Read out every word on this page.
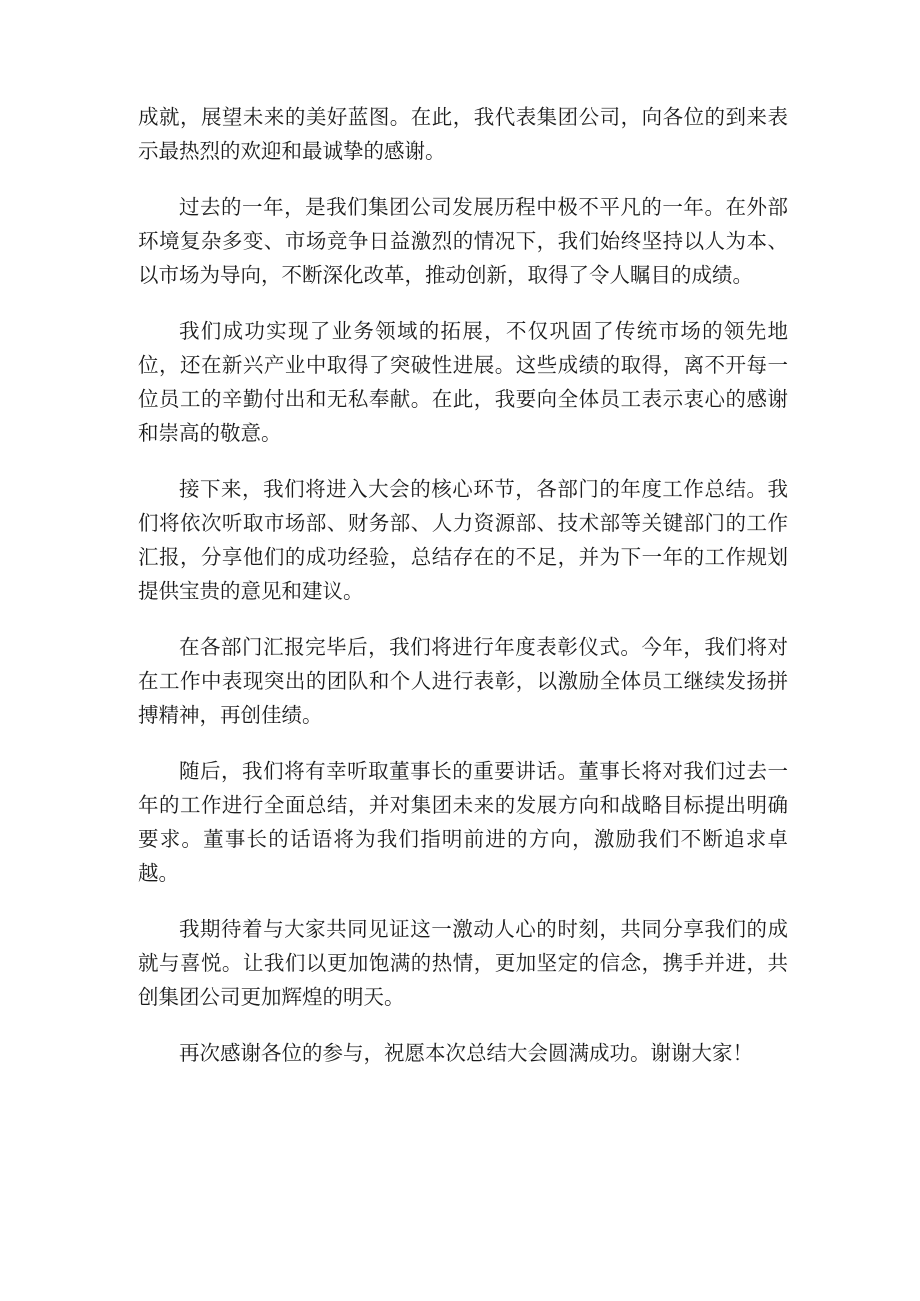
成就，展望未来的美好蓝图。在此，我代表集团公司，向各位的到来表示最热烈的欢迎和最诚挚的感谢。

过去的一年，是我们集团公司发展历程中极不平凡的一年。在外部环境复杂多变、市场竞争日益激烈的情况下，我们始终坚持以人为本、以市场为导向，不断深化改革，推动创新，取得了令人瞩目的成绩。

我们成功实现了业务领域的拓展，不仅巩固了传统市场的领先地位，还在新兴产业中取得了突破性进展。这些成绩的取得，离不开每一位员工的辛勤付出和无私奉献。在此，我要向全体员工表示衷心的感谢和崇高的敬意。

接下来，我们将进入大会的核心环节，各部门的年度工作总结。我们将依次听取市场部、财务部、人力资源部、技术部等关键部门的工作汇报，分享他们的成功经验，总结存在的不足，并为下一年的工作规划提供宝贵的意见和建议。

在各部门汇报完毕后，我们将进行年度表彰仪式。今年，我们将对在工作中表现突出的团队和个人进行表彰，以激励全体员工继续发扬拼搏精神，再创佳绩。

随后，我们将有幸听取董事长的重要讲话。董事长将对我们过去一年的工作进行全面总结，并对集团未来的发展方向和战略目标提出明确要求。董事长的话语将为我们指明前进的方向，激励我们不断追求卓越。

我期待着与大家共同见证这一激动人心的时刻，共同分享我们的成就与喜悦。让我们以更加饱满的热情，更加坚定的信念，携手并进，共创集团公司更加辉煌的明天。

再次感谢各位的参与，祝愿本次总结大会圆满成功。谢谢大家！
